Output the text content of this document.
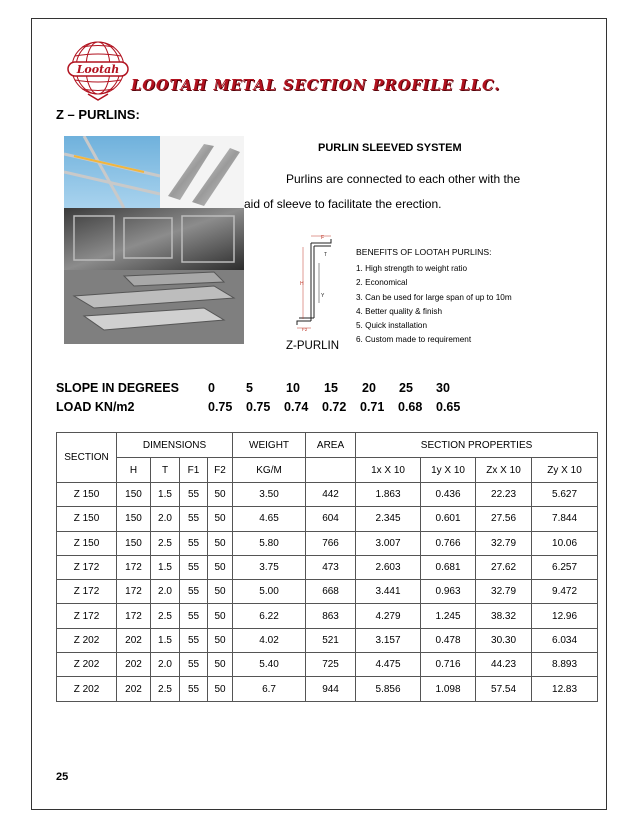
Lootah
LOOTAH METAL SECTION PROFILE LLC.
Z – PURLINS:
PURLIN SLEEVED SYSTEM
Purlins are connected to each other with the
aid of sleeve to facilitate the erection.
F
T
H
F2
Y
Z-PURLIN
BENEFITS OF LOOTAH PURLINS:
1. High strength to weight ratio
2. Economical
3. Can be used for large span of up to 10m
4. Better quality & finish
5. Quick installation
6. Custom made to requirement
SLOPE IN DEGREES 0 5	10 15 20 25 30
LOAD KN/m2	0.75 0.75 0.74 0.72 0.71 0.68 0.65
SECTION	DIMENSIONS				WEIGHT	AREA	SECTION PROPERTIES			
	H	T	F1	F2	KG/M		1x X 10	1y X 10	Zx X 10	Zy X 10
Z 150	150	1.5	55	50	3.50	442	1.863	0.436	22.23	5.627
Z 150	150	2.0	55	50	4.65	604	2.345	0.601	27.56	7.844
Z 150	150	2.5	55	50	5.80	766	3.007	0.766	32.79	10.06
Z 172	172	1.5	55	50	3.75	473	2.603	0.681	27.62	6.257
Z 172	172	2.0	55	50	5.00	668	3.441	0.963	32.79	9.472
Z 172	172	2.5	55	50	6.22	863	4.279	1.245	38.32	12.96
Z 202	202	1.5	55	50	4.02	521	3.157	0.478	30.30	6.034
Z 202	202	2.0	55	50	5.40	725	4.475	0.716	44.23	8.893
Z 202	202	2.5	55	50	6.7	944	5.856	1.098	57.54	12.83
25
